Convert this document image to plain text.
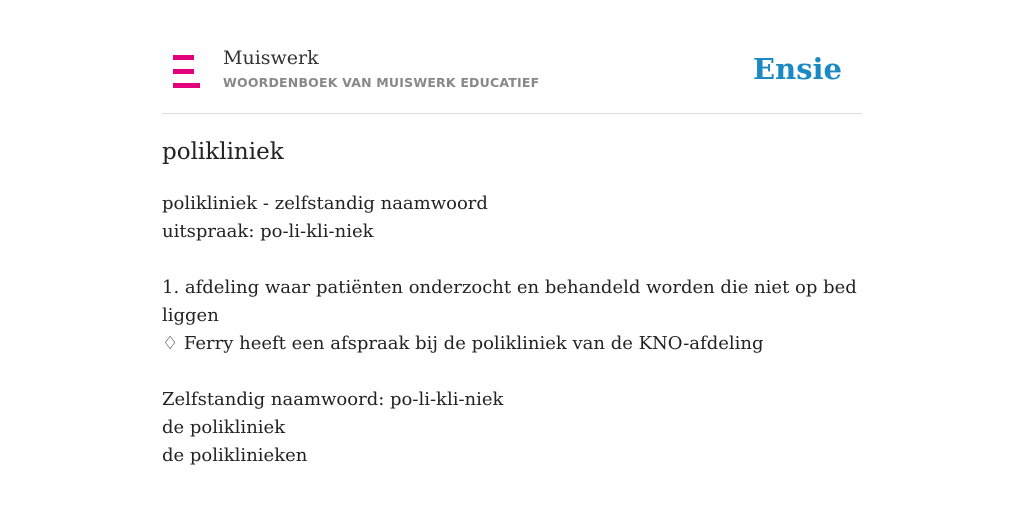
Muiswerk
WOORDENBOEK VAN MUISWERK EDUCATIEF	Ensie
polikliniek
polikliniek - zelfstandig naamwoord
uitspraak: po-li-kli-niek
1. afdeling waar patiënten onderzocht en behandeld worden die niet op bed liggen
♢ Ferry heeft een afspraak bij de polikliniek van de KNO-afdeling
Zelfstandig naamwoord: po-li-kli-niek
de polikliniek
de poliklinieken
